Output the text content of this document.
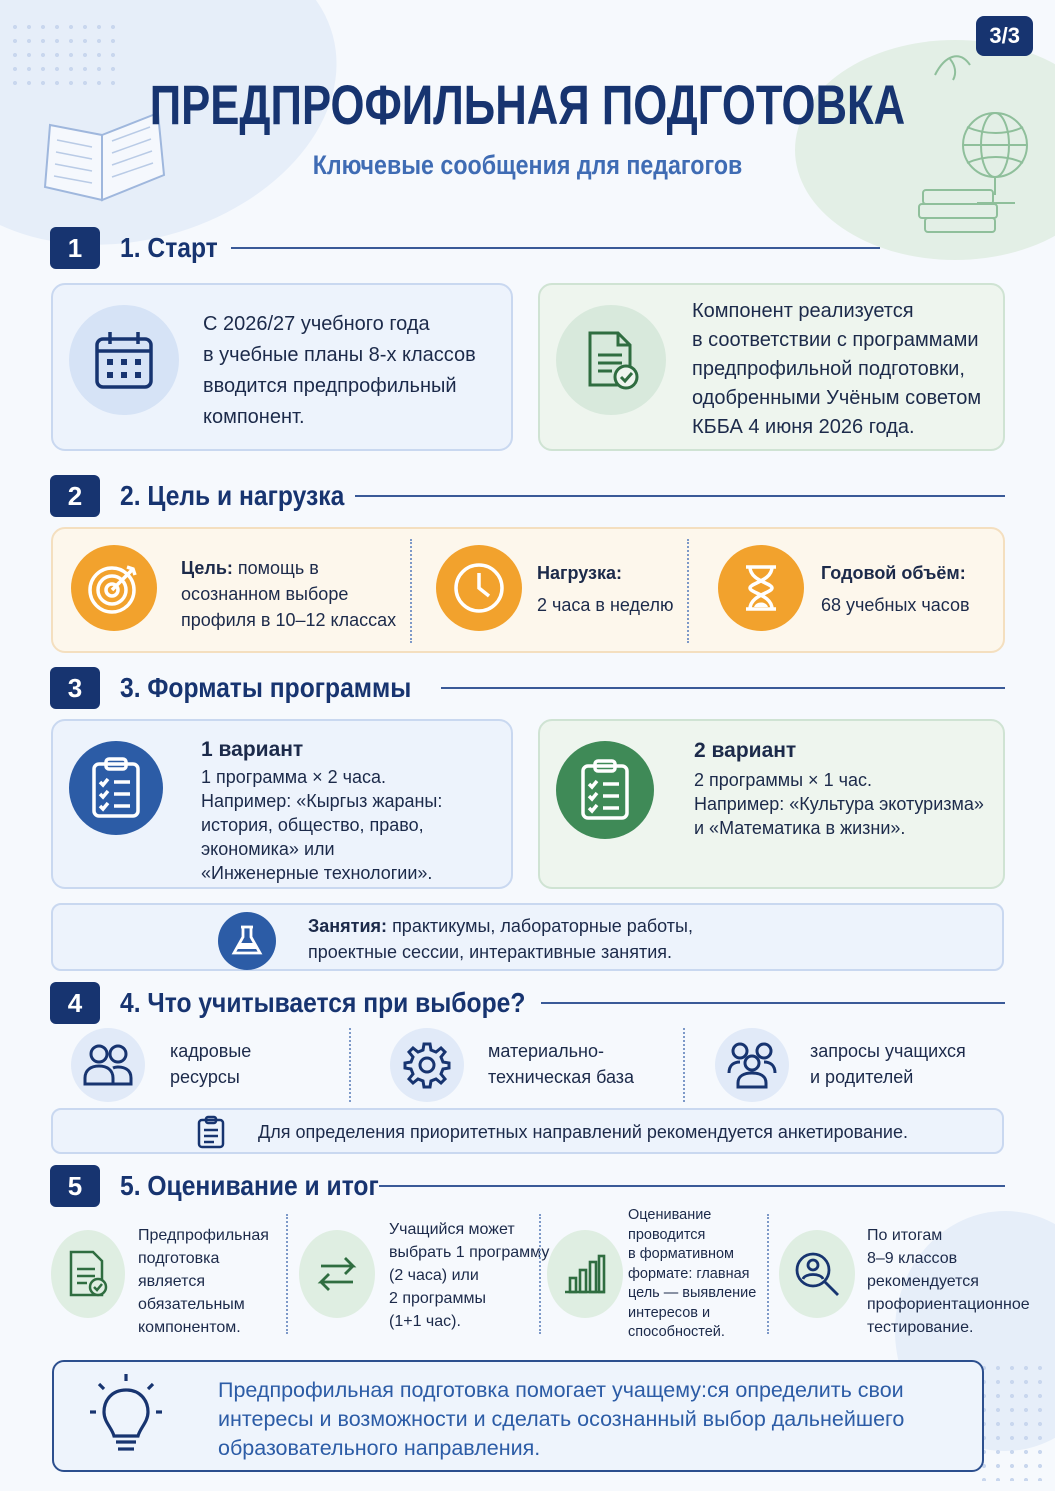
3/3
ПРЕДПРОФИЛЬНАЯ ПОДГОТОВКА
Ключевые сообщения для педагогов
1	1. Старт
С 2026/27 учебного года
в учебные планы 8-х классов
вводится предпрофильный
компонент.
Компонент реализуется
в соответствии с программами
предпрофильной подготовки,
одобренными Учёным советом
КББА 4 июня 2026 года.
2	2. Цель и нагрузка
Цель: помощь в
осознанном выборе
профиля в 10–12 классах
Нагрузка:
2 часа в неделю
Годовой объём:
68 учебных часов
3	3. Форматы программы
1 вариант
1 программа × 2 часа.
Например: «Кыргыз жараны:
история, общество, право,
экономика» или
«Инженерные технологии».
2 вариант
2 программы × 1 час.
Например: «Культура экотуризма»
и «Математика в жизни».
Занятия: практикумы, лабораторные работы,
проектные сессии, интерактивные занятия.
4	4. Что учитывается при выборе?
кадровые
ресурсы
материально-
техническая база
запросы учащихся
и родителей
Для определения приоритетных направлений рекомендуется анкетирование.
5	5. Оценивание и итог
Предпрофильная
подготовка
является
обязательным
компонентом.
Учащийся может
выбрать 1 программу
(2 часа) или
2 программы
(1+1 час).
Оценивание
проводится
в формативном
формате: главная
цель — выявление
интересов и
способностей.
По итогам
8–9 классов
рекомендуется
профориентационное
тестирование.
Предпрофильная подготовка помогает учащему:ся определить свои
интересы и возможности и сделать осознанный выбор дальнейшего
образовательного направления.
